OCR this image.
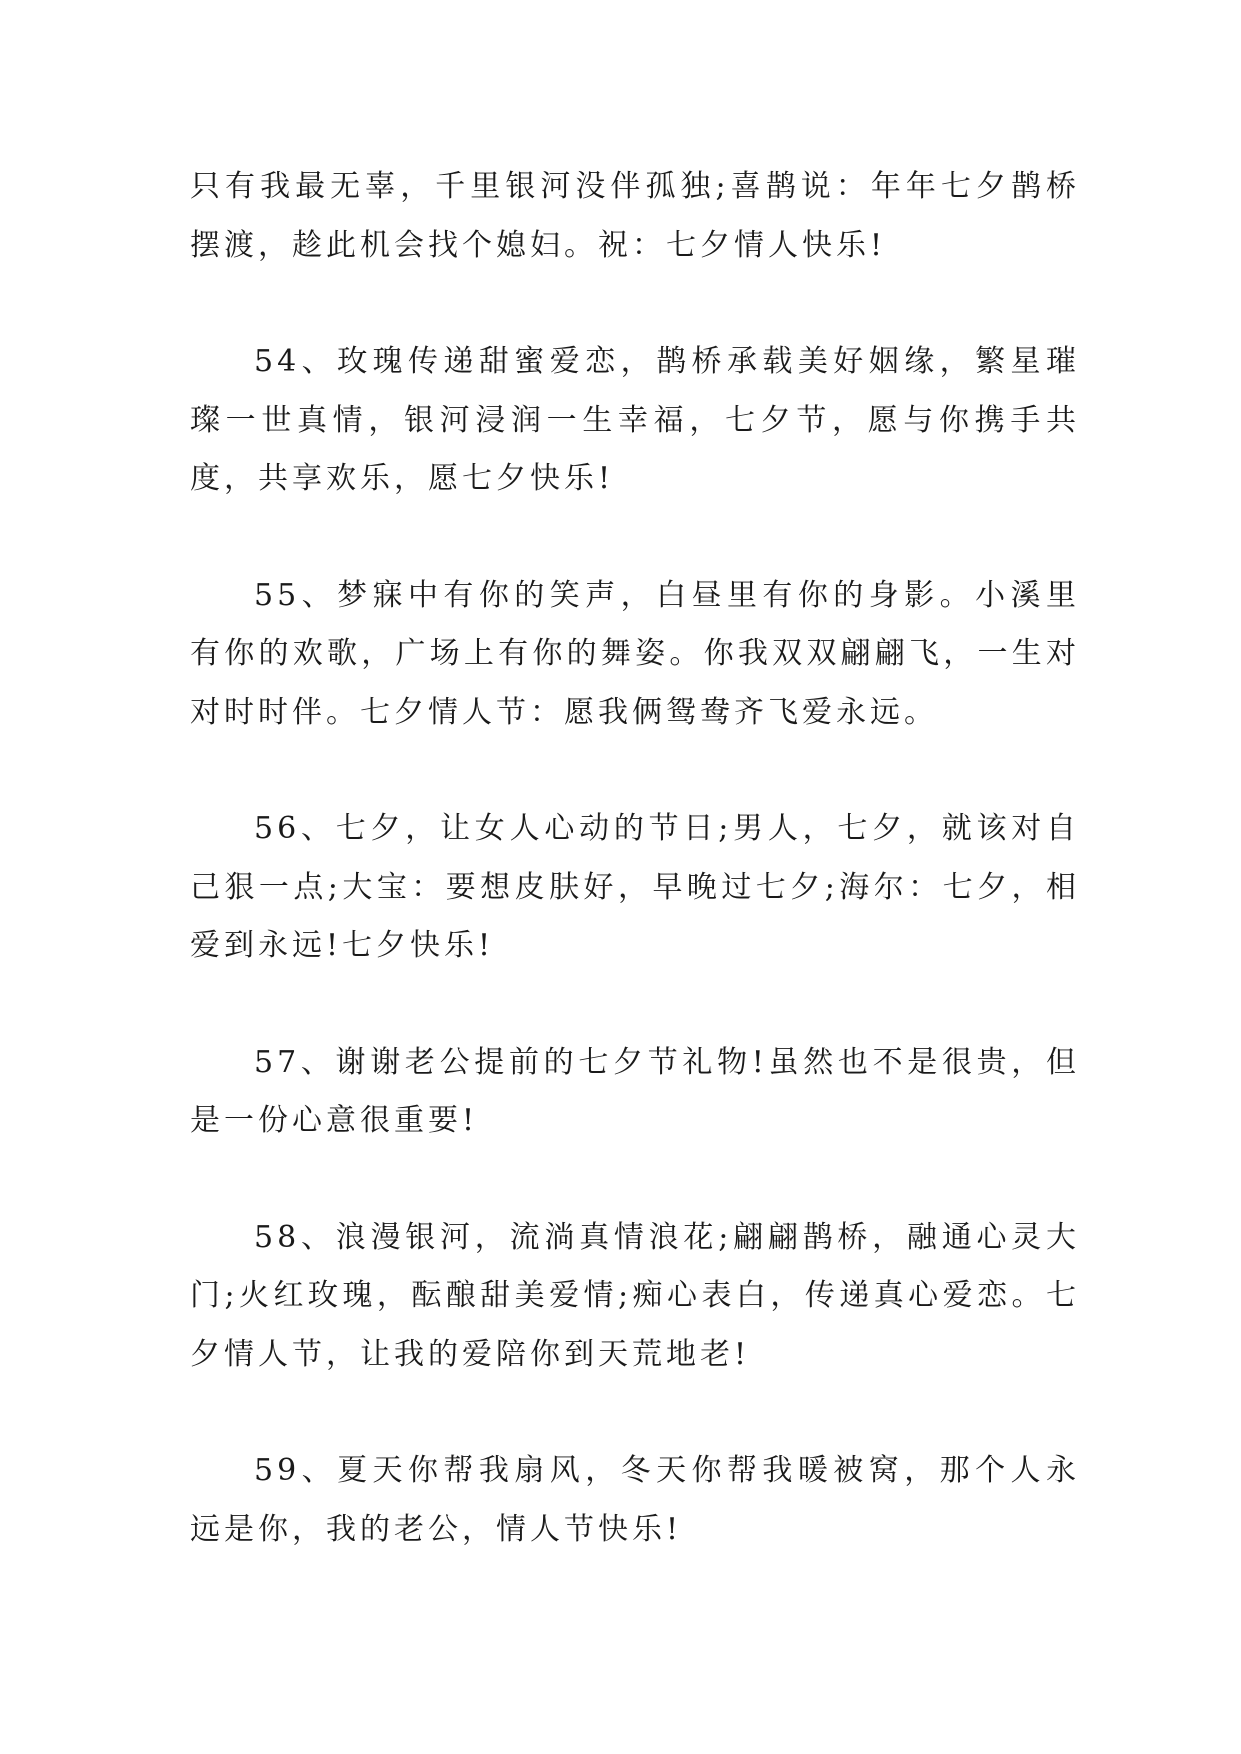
只有我最无辜，千里银河没伴孤独;喜鹊说：年年七夕鹊桥摆渡，趁此机会找个媳妇。祝：七夕情人快乐!

54、玫瑰传递甜蜜爱恋，鹊桥承载美好姻缘，繁星璀璨一世真情，银河浸润一生幸福，七夕节，愿与你携手共度，共享欢乐，愿七夕快乐!

55、梦寐中有你的笑声，白昼里有你的身影。小溪里有你的欢歌，广场上有你的舞姿。你我双双翩翩飞，一生对对时时伴。七夕情人节：愿我俩鸳鸯齐飞爱永远。

56、七夕，让女人心动的节日;男人，七夕，就该对自己狠一点;大宝：要想皮肤好，早晚过七夕;海尔：七夕，相爱到永远!七夕快乐!

57、谢谢老公提前的七夕节礼物!虽然也不是很贵，但是一份心意很重要!

58、浪漫银河，流淌真情浪花;翩翩鹊桥，融通心灵大门;火红玫瑰，酝酿甜美爱情;痴心表白，传递真心爱恋。七夕情人节，让我的爱陪你到天荒地老!

59、夏天你帮我扇风，冬天你帮我暖被窝，那个人永远是你，我的老公，情人节快乐!
